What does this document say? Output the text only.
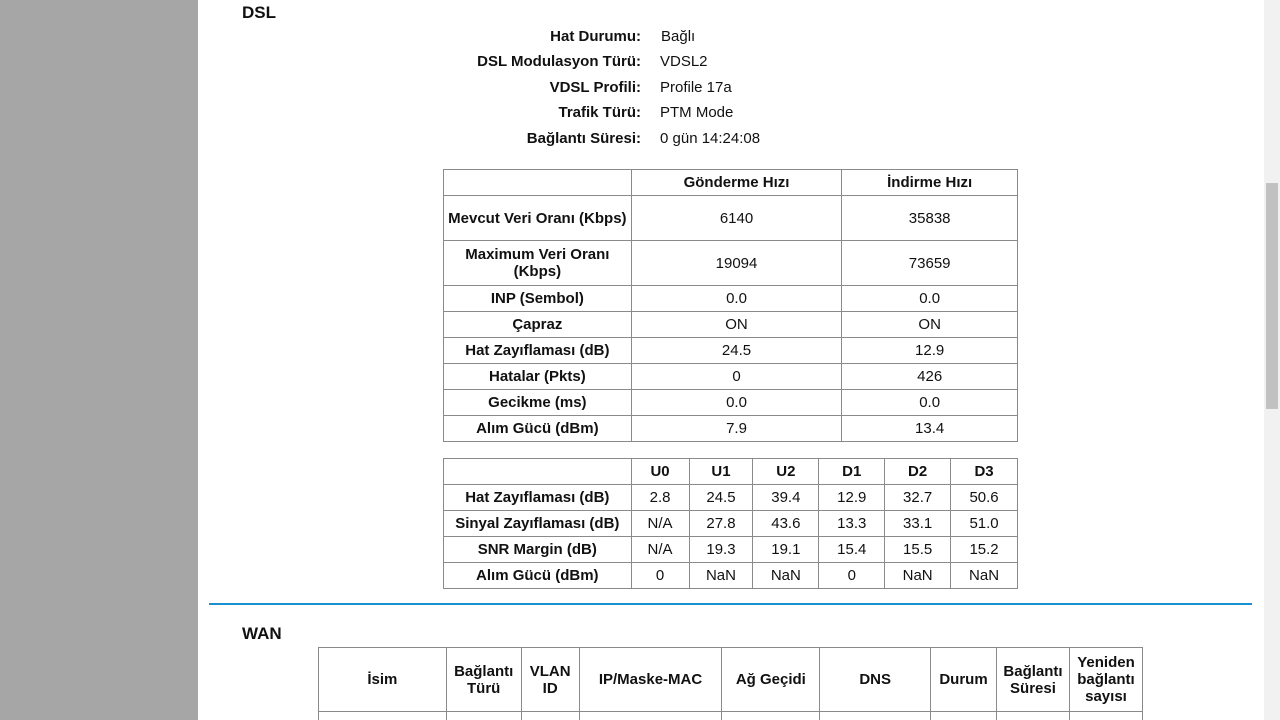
DSL
Hat Durumu: Bağlı
DSL Modulasyon Türü: VDSL2
VDSL Profili: Profile 17a
Trafik Türü: PTM Mode
Bağlantı Süresi: 0 gün 14:24:08
	Gönderme Hızı	İndirme Hızı
Mevcut Veri Oranı (Kbps)	6140	35838
Maximum Veri Oranı (Kbps)	19094	73659
INP (Sembol)	0.0	0.0
Çapraz	ON	ON
Hat Zayıflaması (dB)	24.5	12.9
Hatalar (Pkts)	0	426
Gecikme (ms)	0.0	0.0
Alım Gücü (dBm)	7.9	13.4
	U0	U1	U2	D1	D2	D3
Hat Zayıflaması (dB)	2.8	24.5	39.4	12.9	32.7	50.6
Sinyal Zayıflaması (dB)	N/A	27.8	43.6	13.3	33.1	51.0
SNR Margin (dB)	N/A	19.3	19.1	15.4	15.5	15.2
Alım Gücü (dBm)	0	NaN	NaN	0	NaN	NaN
WAN
İsim	Bağlantı Türü	VLAN ID	IP/Maske-MAC	Ağ Geçidi	DNS	Durum	Bağlantı Süresi	Yeniden bağlantı sayısı
